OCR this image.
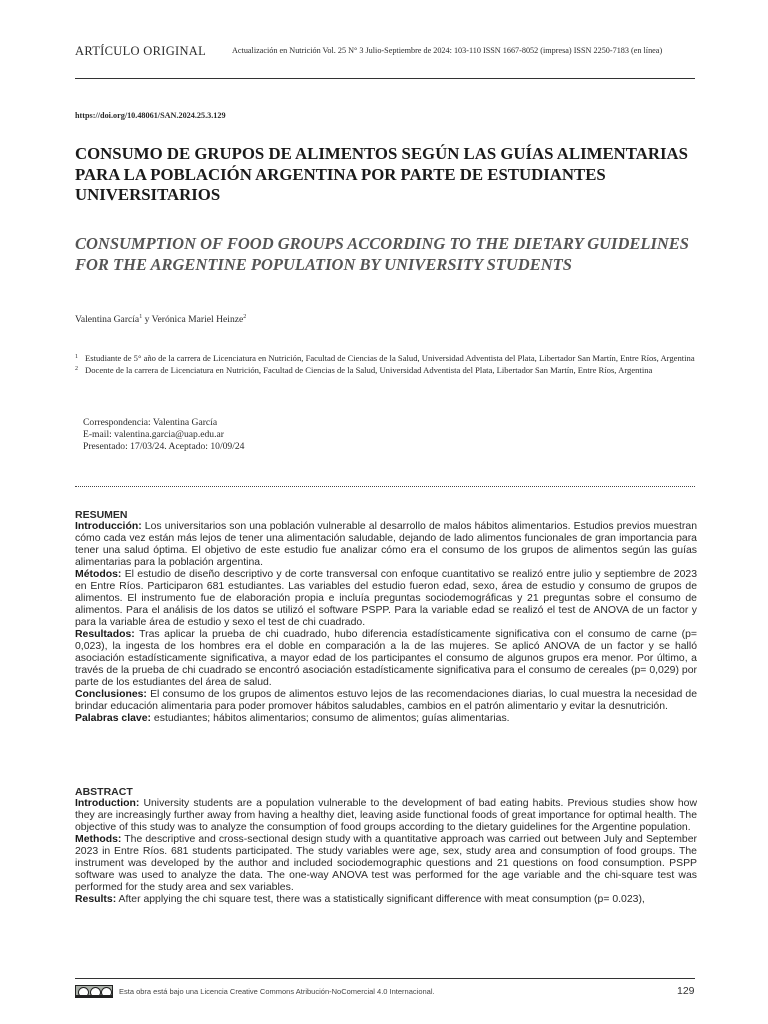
ARTÍCULO ORIGINAL	Actualización en Nutrición Vol. 25 N° 3 Julio-Septiembre de 2024: 103-110 ISSN 1667-8052 (impresa) ISSN 2250-7183 (en línea)
https://doi.org/10.48061/SAN.2024.25.3.129
CONSUMO DE GRUPOS DE ALIMENTOS SEGÚN LAS GUÍAS ALIMENTARIAS PARA LA POBLACIÓN ARGENTINA POR PARTE DE ESTUDIANTES UNIVERSITARIOS
CONSUMPTION OF FOOD GROUPS ACCORDING TO THE DIETARY GUIDELINES FOR THE ARGENTINE POPULATION BY UNIVERSITY STUDENTS
Valentina García$^1$ y Verónica Mariel Heinze$^2$
1 Estudiante de 5° año de la carrera de Licenciatura en Nutrición, Facultad de Ciencias de la Salud, Universidad Adventista del Plata, Libertador San Martín, Entre Ríos, Argentina
2 Docente de la carrera de Licenciatura en Nutrición, Facultad de Ciencias de la Salud, Universidad Adventista del Plata, Libertador San Martín, Entre Ríos, Argentina
Correspondencia: Valentina García
E-mail: valentina.garcia@uap.edu.ar
Presentado: 17/03/24. Aceptado: 10/09/24
RESUMEN

Introducción: Los universitarios son una población vulnerable al desarrollo de malos hábitos alimentarios. Estudios previos muestran cómo cada vez están más lejos de tener una alimentación saludable, dejando de lado alimentos funcionales de gran importancia para tener una salud óptima. El objetivo de este estudio fue analizar cómo era el consumo de los grupos de alimentos según las guías alimentarias para la población argentina.

Métodos: El estudio de diseño descriptivo y de corte transversal con enfoque cuantitativo se realizó entre julio y septiembre de 2023 en Entre Ríos. Participaron 681 estudiantes. Las variables del estudio fueron edad, sexo, área de estudio y consumo de grupos de alimentos. El instrumento fue de elaboración propia e incluía preguntas sociodemográficas y 21 preguntas sobre el consumo de alimentos. Para el análisis de los datos se utilizó el software PSPP. Para la variable edad se realizó el test de ANOVA de un factor y para la variable área de estudio y sexo el test de chi cuadrado.

Resultados: Tras aplicar la prueba de chi cuadrado, hubo diferencia estadísticamente significativa con el consumo de carne (p= 0,023), la ingesta de los hombres era el doble en comparación a la de las mujeres. Se aplicó ANOVA de un factor y se halló asociación estadísticamente significativa, a mayor edad de los participantes el consumo de algunos grupos era menor. Por último, a través de la prueba de chi cuadrado se encontró asociación estadísticamente significativa para el consumo de cereales (p= 0,029) por parte de los estudiantes del área de salud.

Conclusiones: El consumo de los grupos de alimentos estuvo lejos de las recomendaciones diarias, lo cual muestra la necesidad de brindar educación alimentaria para poder promover hábitos saludables, cambios en el patrón alimentario y evitar la desnutrición.

Palabras clave: estudiantes; hábitos alimentarios; consumo de alimentos; guías alimentarias.

ABSTRACT

Introduction: University students are a population vulnerable to the development of bad eating habits. Previous studies show how they are increasingly further away from having a healthy diet, leaving aside functional foods of great importance for optimal health. The objective of this study was to analyze the consumption of food groups according to the dietary guidelines for the Argentine population.

Methods: The descriptive and cross-sectional design study with a quantitative approach was carried out between July and September 2023 in Entre Ríos. 681 students participated. The study variables were age, sex, study area and consumption of food groups. The instrument was developed by the author and included sociodemographic questions and 21 questions on food consumption. PSPP software was used to analyze the data. The one-way ANOVA test was performed for the age variable and the chi-square test was performed for the study area and sex variables.

Results: After applying the chi square test, there was a statistically significant difference with meat consumption (p= 0.023),

Esta obra está bajo una Licencia Creative Commons Atribución-NoComercial 4.0 Internacional.	129
